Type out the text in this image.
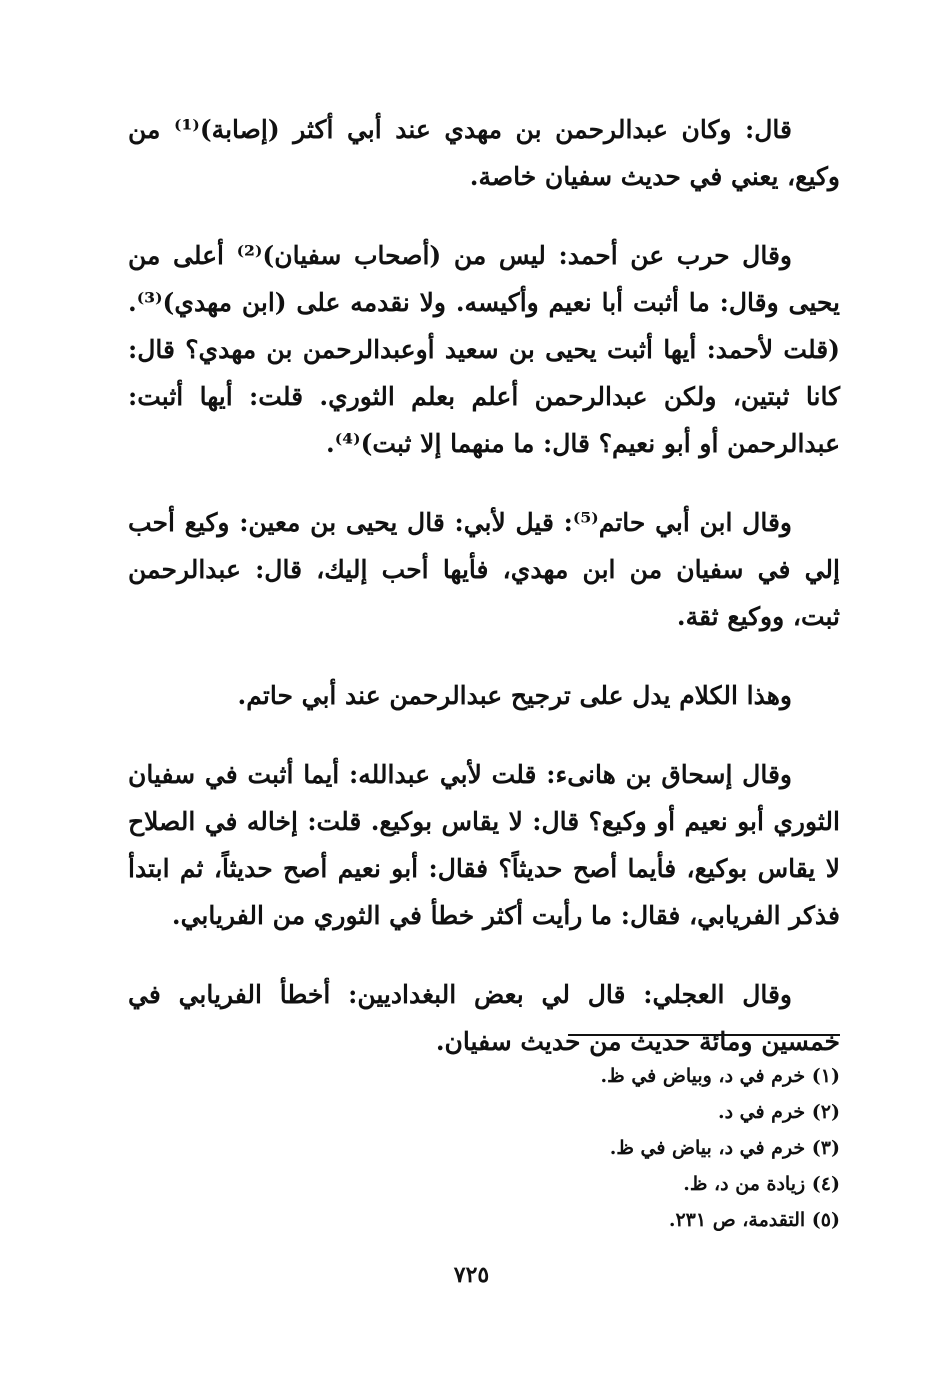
قال: وكان عبدالرحمن بن مهدي عند أبي أكثر (إصابة)⁽¹⁾ من وكيع، يعني في حديث سفيان خاصة.

وقال حرب عن أحمد: ليس من (أصحاب سفيان)⁽²⁾ أعلى من يحيى وقال: ما أثبت أبا نعيم وأكيسه. ولا نقدمه على (ابن مهدي)⁽³⁾. (قلت لأحمد: أيها أثبت يحيى بن سعيد أوعبدالرحمن بن مهدي؟ قال: كانا ثبتين، ولكن عبدالرحمن أعلم بعلم الثوري. قلت: أيها أثبت: عبدالرحمن أو أبو نعيم؟ قال: ما منهما إلا ثبت)⁽⁴⁾.

وقال ابن أبي حاتم⁽⁵⁾: قيل لأبي: قال يحيى بن معين: وكيع أحب إلي في سفيان من ابن مهدي، فأيها أحب إليك، قال: عبدالرحمن ثبت، ووكيع ثقة.

وهذا الكلام يدل على ترجيح عبدالرحمن عند أبي حاتم.

وقال إسحاق بن هانىء: قلت لأبي عبدالله: أيما أثبت في سفيان الثوري أبو نعيم أو وكيع؟ قال: لا يقاس بوكيع. قلت: إخاله في الصلاح لا يقاس بوكيع، فأيما أصح حديثاً؟ فقال: أبو نعيم أصح حديثاً، ثم ابتدأ فذكر الفريابي، فقال: ما رأيت أكثر خطأ في الثوري من الفريابي.

وقال العجلي: قال لي بعض البغداديين: أخطأ الفريابي في خمسين ومائة حديث من حديث سفيان.

(١) خرم في د، وبياض في ظ.

(٢) خرم في د.

(٣) خرم في د، بياض في ظ.

(٤) زيادة من د، ظ.

(٥) التقدمة، ص ٢٣١.

٧٢٥
